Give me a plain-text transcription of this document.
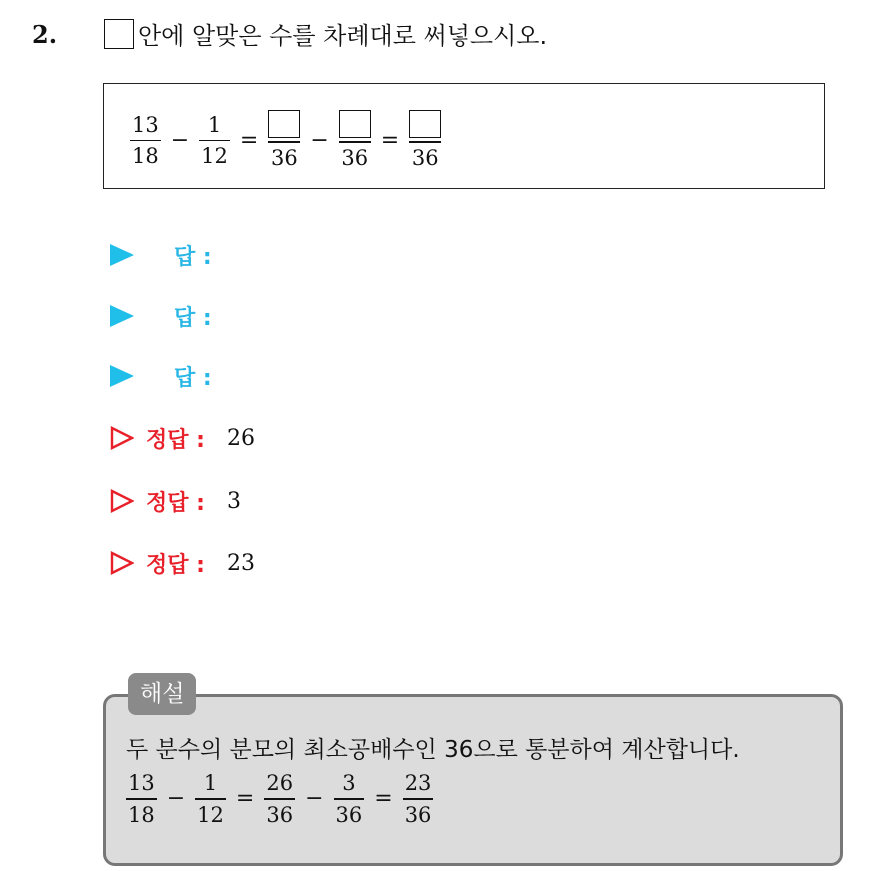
2.	안에 알맞은 수를 차례대로 써넣으시오.
$\frac{13}{18} - \frac{1}{12}$ =
36
−
36
=
36
답 :
답 :
답 :
정답 : 26
정답 : 3
정답 : 23
해설
두 분수의 분모의 최소공배수인 36으로 통분하여 계산합니다.
$\frac{13}{18} - \frac{1}{12} = \frac{26}{36} - \frac{3}{36} = \frac{23}{36}$
